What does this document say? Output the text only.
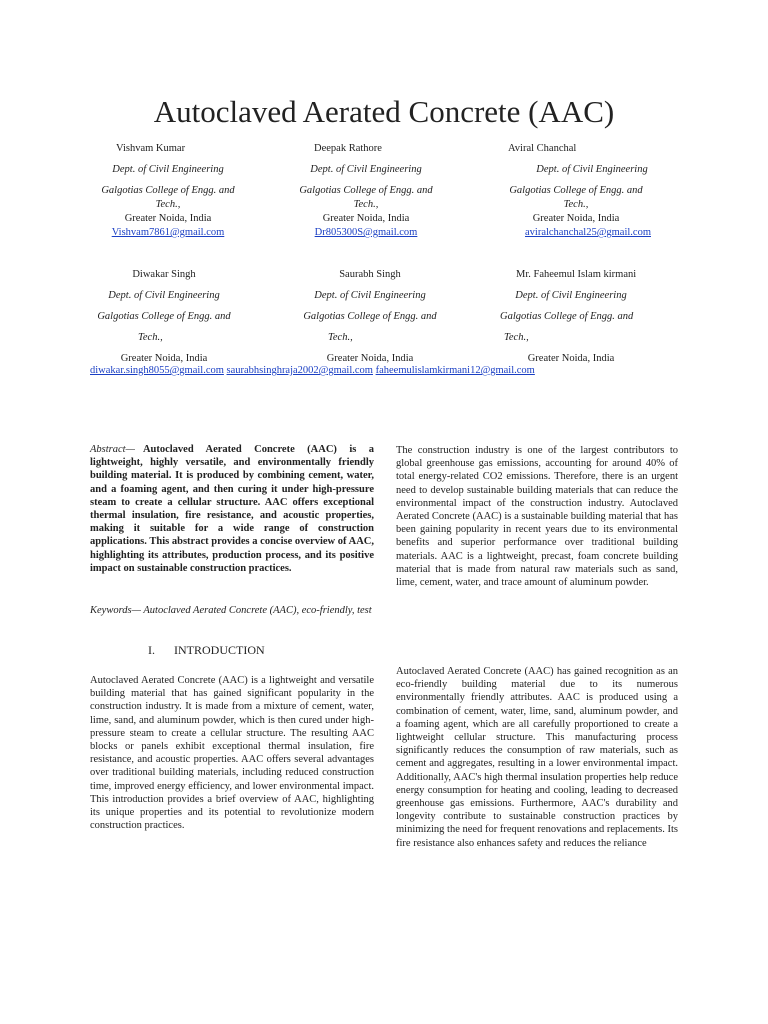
Autoclaved Aerated Concrete (AAC)
Vishvam Kumar
Dept. of Civil Engineering
Galgotias College of Engg. and
Tech.,
Greater Noida, India
Vishvam7861@gmail.com
Deepak Rathore
Dept. of Civil Engineering
Galgotias College of Engg. and
Tech.,
Greater Noida, India
Dr805300S@gmail.com
Aviral Chanchal
Dept. of Civil Engineering
Galgotias College of Engg. and
Tech.,
Greater Noida, India
aviralchanchal25@gmail.com
Diwakar Singh
Dept. of Civil Engineering
Galgotias College of Engg. and
Tech.,
Greater Noida, India
Saurabh Singh
Dept. of Civil Engineering
Galgotias College of Engg. and
Tech.,
Greater Noida, India
Mr. Faheemul Islam kirmani
Dept. of Civil Engineering
Galgotias College of Engg. and
Tech.,
Greater Noida, India
diwakar.singh8055@gmail.com saurabhsinghraja2002@gmail.com faheemulislamkirmani12@gmail.com
Abstract— Autoclaved Aerated Concrete (AAC) is a lightweight, highly versatile, and environmentally friendly building material. It is produced by combining cement, water, and a foaming agent, and then curing it under high-pressure steam to create a cellular structure. AAC offers exceptional thermal insulation, fire resistance, and acoustic properties, making it suitable for a wide range of construction applications. This abstract provides a concise overview of AAC, highlighting its attributes, production process, and its positive impact on sustainable construction practices.
Keywords— Autoclaved Aerated Concrete (AAC), eco-friendly, test
I. INTRODUCTION
Autoclaved Aerated Concrete (AAC) is a lightweight and versatile building material that has gained significant popularity in the construction industry. It is made from a mixture of cement, water, lime, sand, and aluminum powder, which is then cured under high-pressure steam to create a cellular structure. The resulting AAC blocks or panels exhibit exceptional thermal insulation, fire resistance, and acoustic properties. AAC offers several advantages over traditional building materials, including reduced construction time, improved energy efficiency, and lower environmental impact. This introduction provides a brief overview of AAC, highlighting its unique properties and its potential to revolutionize modern construction practices.
The construction industry is one of the largest contributors to global greenhouse gas emissions, accounting for around 40% of total energy-related CO2 emissions. Therefore, there is an urgent need to develop sustainable building materials that can reduce the environmental impact of the construction industry. Autoclaved Aerated Concrete (AAC) is a sustainable building material that has been gaining popularity in recent years due to its environmental benefits and superior performance over traditional building materials. AAC is a lightweight, precast, foam concrete building material that is made from natural raw materials such as sand, lime, cement, water, and trace amount of aluminum powder.
Autoclaved Aerated Concrete (AAC) has gained recognition as an eco-friendly building material due to its numerous environmentally friendly attributes. AAC is produced using a combination of cement, water, lime, sand, aluminum powder, and a foaming agent, which are all carefully proportioned to create a lightweight cellular structure. This manufacturing process significantly reduces the consumption of raw materials, such as cement and aggregates, resulting in a lower environmental impact. Additionally, AAC's high thermal insulation properties help reduce energy consumption for heating and cooling, leading to decreased greenhouse gas emissions. Furthermore, AAC's durability and longevity contribute to sustainable construction practices by minimizing the need for frequent renovations and replacements. Its fire resistance also enhances safety and reduces the reliance
